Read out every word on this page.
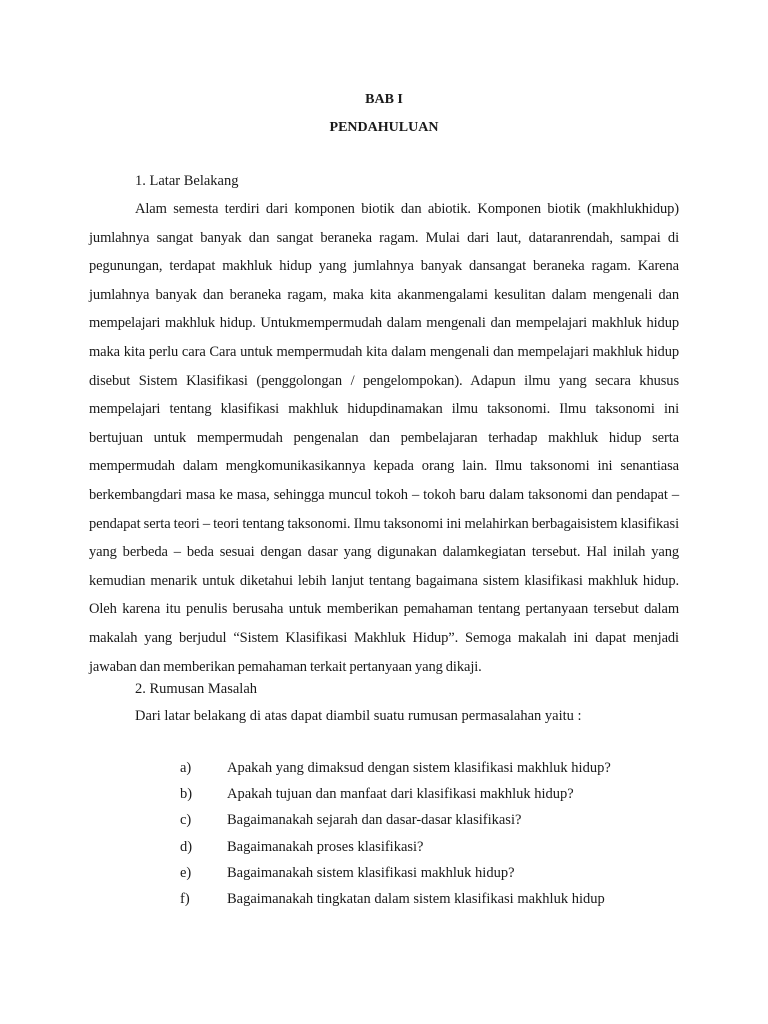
BAB I
PENDAHULUAN

1. Latar Belakang

Alam semesta terdiri dari komponen biotik dan abiotik. Komponen biotik (makhlukhidup) jumlahnya sangat banyak dan sangat beraneka ragam. Mulai dari laut, dataranrendah, sampai di pegunungan, terdapat makhluk hidup yang jumlahnya banyak dansangat beraneka ragam. Karena jumlahnya banyak dan beraneka ragam, maka kita akanmengalami kesulitan dalam mengenali dan mempelajari makhluk hidup. Untukmempermudah dalam mengenali dan mempelajari makhluk hidup maka kita perlu cara Cara untuk mempermudah kita dalam mengenali dan mempelajari makhluk hidup disebut Sistem Klasifikasi (penggolongan / pengelompokan). Adapun ilmu yang secara khusus mempelajari tentang klasifikasi makhluk hidupdinamakan ilmu taksonomi. Ilmu taksonomi ini bertujuan untuk mempermudah pengenalan dan pembelajaran terhadap makhluk hidup serta mempermudah dalam mengkomunikasikannya kepada orang lain. Ilmu taksonomi ini senantiasa berkembangdari masa ke masa, sehingga muncul tokoh – tokoh baru dalam taksonomi dan pendapat – pendapat serta teori – teori tentang taksonomi. Ilmu taksonomi ini melahirkan berbagaisistem klasifikasi yang berbeda – beda sesuai dengan dasar yang digunakan dalamkegiatan tersebut. Hal inilah yang kemudian menarik untuk diketahui lebih lanjut tentang bagaimana sistem klasifikasi makhluk hidup. Oleh karena itu penulis berusaha untuk memberikan pemahaman tentang pertanyaan tersebut dalam makalah yang berjudul “Sistem Klasifikasi Makhluk Hidup”. Semoga makalah ini dapat menjadi jawaban dan memberikan pemahaman terkait pertanyaan yang dikaji.

2. Rumusan Masalah

Dari latar belakang di atas dapat diambil suatu rumusan permasalahan yaitu :

a)	Apakah yang dimaksud dengan sistem klasifikasi makhluk hidup?
b)	Apakah tujuan dan manfaat dari klasifikasi makhluk hidup?
c)	Bagaimanakah sejarah dan dasar-dasar klasifikasi?
d)	Bagaimanakah proses klasifikasi?
e)	Bagaimanakah sistem klasifikasi makhluk hidup?
f)	Bagaimanakah tingkatan dalam sistem klasifikasi makhluk hidup
